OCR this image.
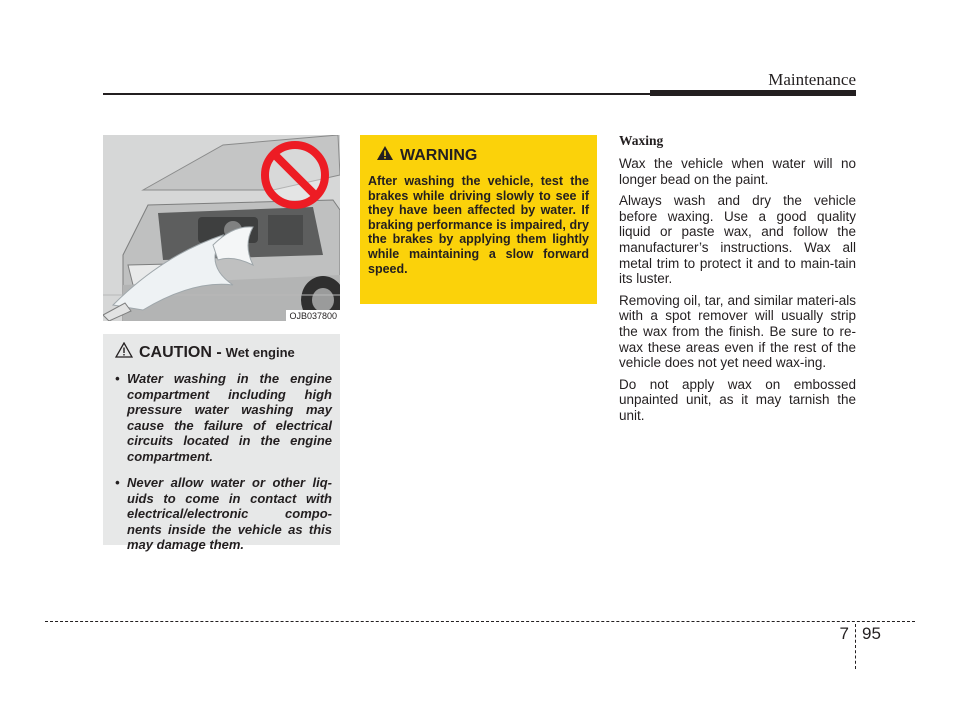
Maintenance
OJB037800
CAUTION - Wet engine
• Water washing in the engine compartment including high pressure water washing may cause the failure of electrical circuits located in the engine compartment.
• Never allow water or other liq-uids to come in contact with electrical/electronic compo-nents inside the vehicle as this may damage them.
WARNING
After washing the vehicle, test the brakes while driving slowly to see if they have been affected by water. If braking performance is impaired, dry the brakes by applying them lightly while maintaining a slow forward speed.
Waxing

Wax the vehicle when water will no longer bead on the paint.

Always wash and dry the vehicle before waxing. Use a good quality liquid or paste wax, and follow the manufacturer’s instructions. Wax all metal trim to protect it and to main-tain its luster.

Removing oil, tar, and similar materi-als with a spot remover will usually strip the wax from the finish. Be sure to re-wax these areas even if the rest of the vehicle does not yet need wax-ing.

Do not apply wax on embossed unpainted unit, as it may tarnish the unit.

7 95
